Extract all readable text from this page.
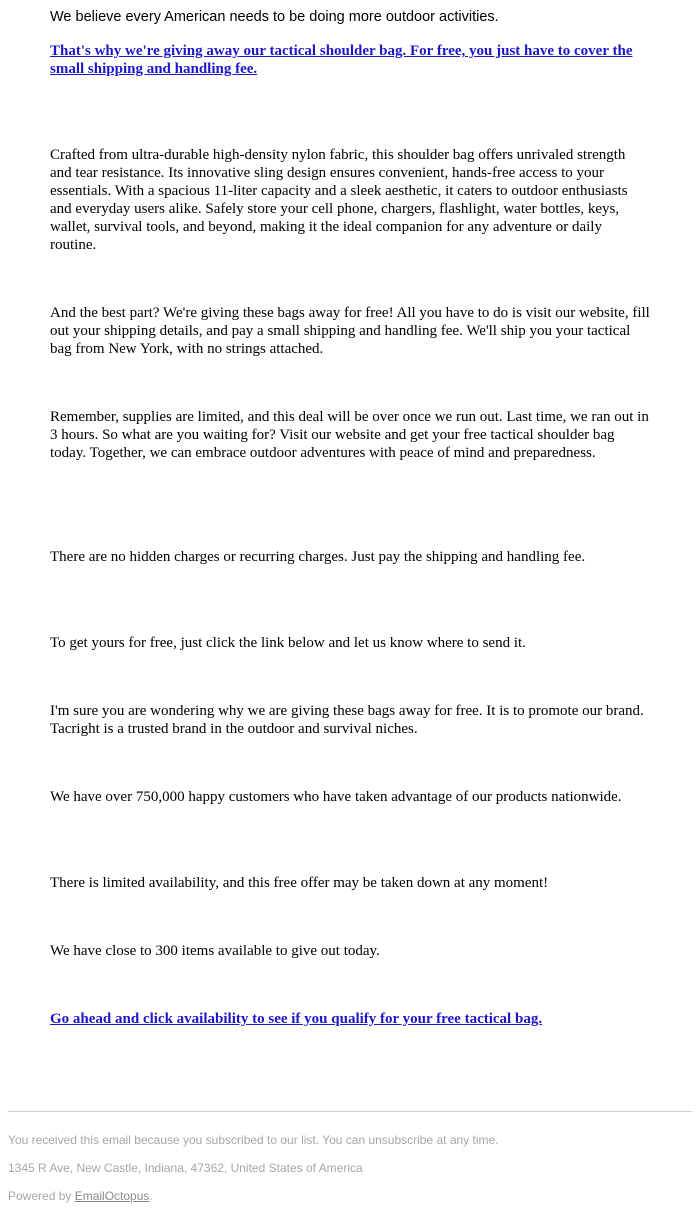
We believe every American needs to be doing more outdoor activities.

That's why we're giving away our tactical shoulder bag. For free, you just have to cover the small shipping and handling fee.

Crafted from ultra-durable high-density nylon fabric, this shoulder bag offers unrivaled strength and tear resistance. Its innovative sling design ensures convenient, hands-free access to your essentials. With a spacious 11-liter capacity and a sleek aesthetic, it caters to outdoor enthusiasts and everyday users alike. Safely store your cell phone, chargers, flashlight, water bottles, keys, wallet, survival tools, and beyond, making it the ideal companion for any adventure or daily routine.

And the best part? We're giving these bags away for free! All you have to do is visit our website, fill out your shipping details, and pay a small shipping and handling fee. We'll ship you your tactical bag from New York, with no strings attached.

Remember, supplies are limited, and this deal will be over once we run out. Last time, we ran out in 3 hours. So what are you waiting for? Visit our website and get your free tactical shoulder bag today. Together, we can embrace outdoor adventures with peace of mind and preparedness.

There are no hidden charges or recurring charges. Just pay the shipping and handling fee.

To get yours for free, just click the link below and let us know where to send it.

I'm sure you are wondering why we are giving these bags away for free. It is to promote our brand. Tacright is a trusted brand in the outdoor and survival niches.

We have over 750,000 happy customers who have taken advantage of our products nationwide.

There is limited availability, and this free offer may be taken down at any moment!

We have close to 300 items available to give out today.

Go ahead and click availability to see if you qualify for your free tactical bag.

You received this email because you subscribed to our list. You can unsubscribe at any time.

1345 R Ave, New Castle, Indiana, 47362, United States of America

Powered by EmailOctopus.
